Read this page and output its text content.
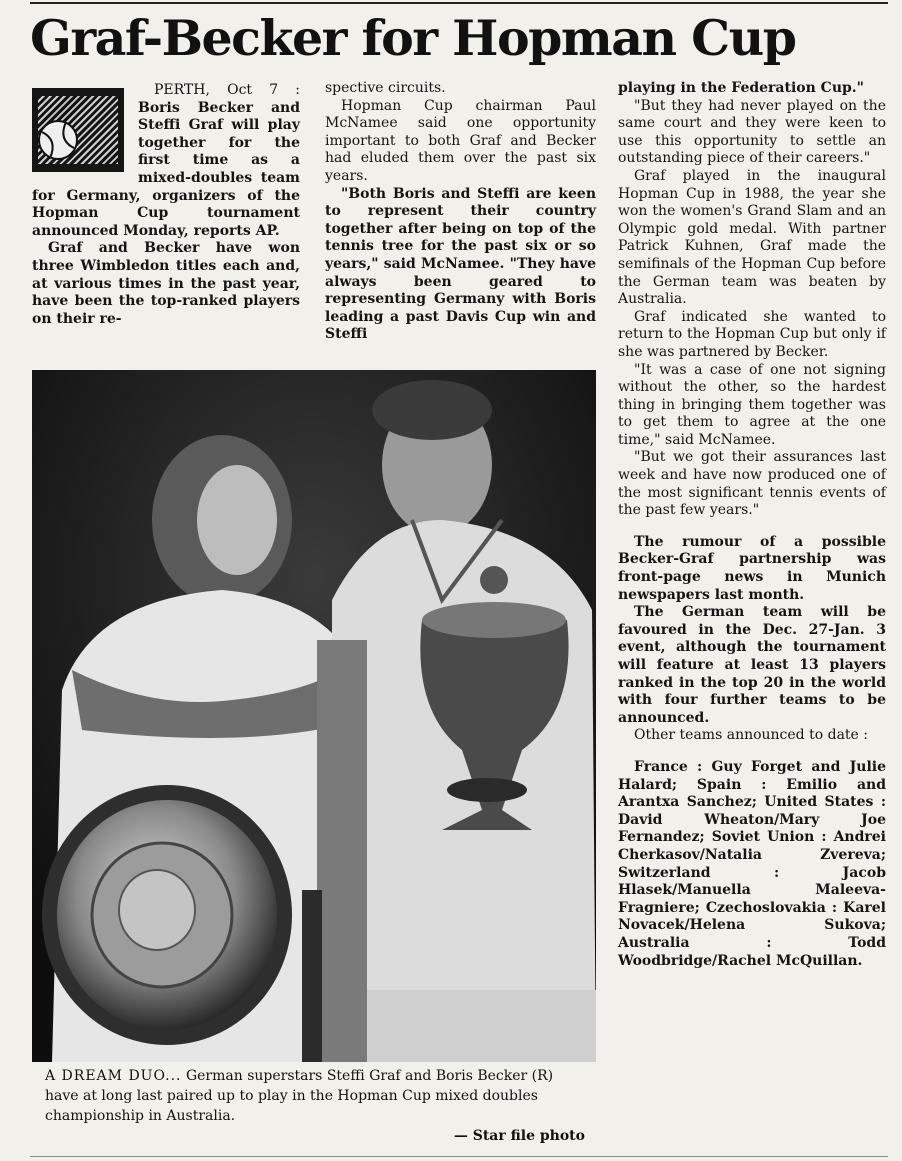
Graf-Becker for Hopman Cup

PERTH, Oct 7 : Boris Becker and Steffi Graf will play together for the first time as a mixed-doubles team for Germany, organizers of the Hopman Cup tournament announced Monday, reports AP.

Graf and Becker have won three Wimbledon titles each and, at various times in the past year, have been the top-ranked players on their re-

spective circuits.

Hopman Cup chairman Paul McNamee said one opportunity important to both Graf and Becker had eluded them over the past six years.

"Both Boris and Steffi are keen to represent their country together after being on top of the tennis tree for the past six or so years," said McNamee. "They have always been geared to representing Germany with Boris leading a past Davis Cup win and Steffi

playing in the Federation Cup."

"But they had never played on the same court and they were keen to use this opportunity to settle an outstanding piece of their careers."

Graf played in the inaugural Hopman Cup in 1988, the year she won the women's Grand Slam and an Olympic gold medal. With partner Patrick Kuhnen, Graf made the semifinals of the Hopman Cup before the German team was beaten by Australia.

Graf indicated she wanted to return to the Hopman Cup but only if she was partnered by Becker.

"It was a case of one not signing without the other, so the hardest thing in bringing them together was to get them to agree at the one time," said McNamee.

"But we got their assurances last week and have now produced one of the most significant tennis events of the past few years."

The rumour of a possible Becker-Graf partnership was front-page news in Munich newspapers last month.

The German team will be favoured in the Dec. 27-Jan. 3 event, although the tournament will feature at least 13 players ranked in the top 20 in the world with four further teams to be announced.

Other teams announced to date :

France : Guy Forget and Julie Halard; Spain : Emilio and Arantxa Sanchez; United States : David Wheaton/Mary Joe Fernandez; Soviet Union : Andrei Cherkasov/Natalia Zvereva; Switzerland : Jacob Hlasek/Manuella Maleeva-Fragniere; Czechoslovakia : Karel Novacek/Helena Sukova; Australia : Todd Woodbridge/Rachel McQuillan.

A DREAM DUO... German superstars Steffi Graf and Boris Becker (R) have at long last paired up to play in the Hopman Cup mixed doubles championship in Australia.
— Star file photo
